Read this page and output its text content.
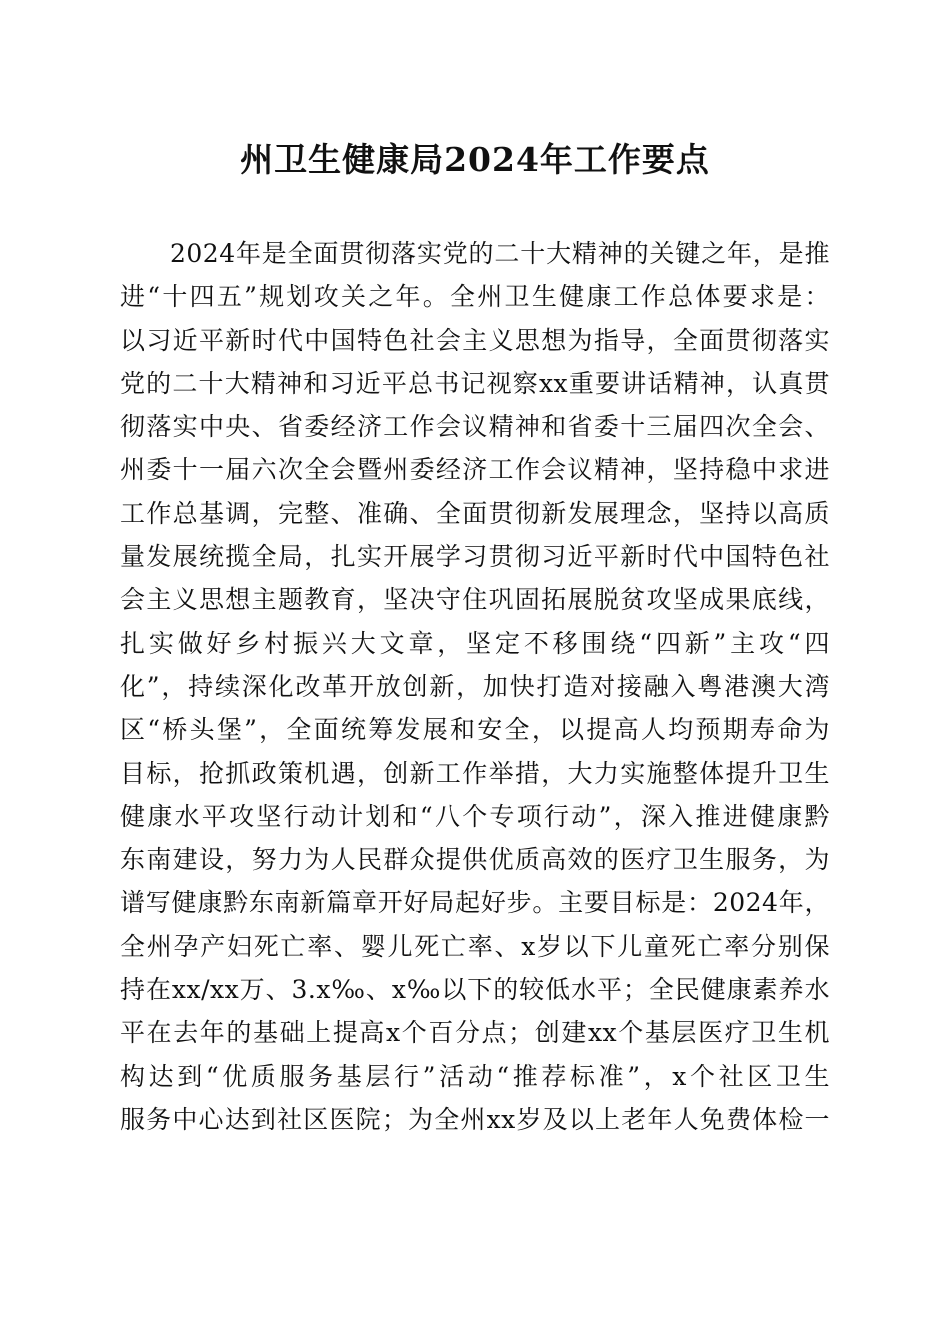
州卫生健康局2024年工作要点
2024年是全面贯彻落实党的二十大精神的关键之年，是推
进“十四五”规划攻关之年。全州卫生健康工作总体要求是：
以习近平新时代中国特色社会主义思想为指导，全面贯彻落实
党的二十大精神和习近平总书记视察xx重要讲话精神，认真贯
彻落实中央、省委经济工作会议精神和省委十三届四次全会、
州委十一届六次全会暨州委经济工作会议精神，坚持稳中求进
工作总基调，完整、准确、全面贯彻新发展理念，坚持以高质
量发展统揽全局，扎实开展学习贯彻习近平新时代中国特色社
会主义思想主题教育，坚决守住巩固拓展脱贫攻坚成果底线，
扎实做好乡村振兴大文章，坚定不移围绕“四新”主攻“四
化”，持续深化改革开放创新，加快打造对接融入粤港澳大湾
区“桥头堡”，全面统筹发展和安全，以提高人均预期寿命为
目标，抢抓政策机遇，创新工作举措，大力实施整体提升卫生
健康水平攻坚行动计划和“八个专项行动”，深入推进健康黔
东南建设，努力为人民群众提供优质高效的医疗卫生服务，为
谱写健康黔东南新篇章开好局起好步。主要目标是：2024年，
全州孕产妇死亡率、婴儿死亡率、x岁以下儿童死亡率分别保
持在xx/xx万、3.x‰、x‰以下的较低水平；全民健康素养水
平在去年的基础上提高x个百分点；创建xx个基层医疗卫生机
构达到“优质服务基层行”活动“推荐标准”，x个社区卫生
服务中心达到社区医院；为全州xx岁及以上老年人免费体检一
